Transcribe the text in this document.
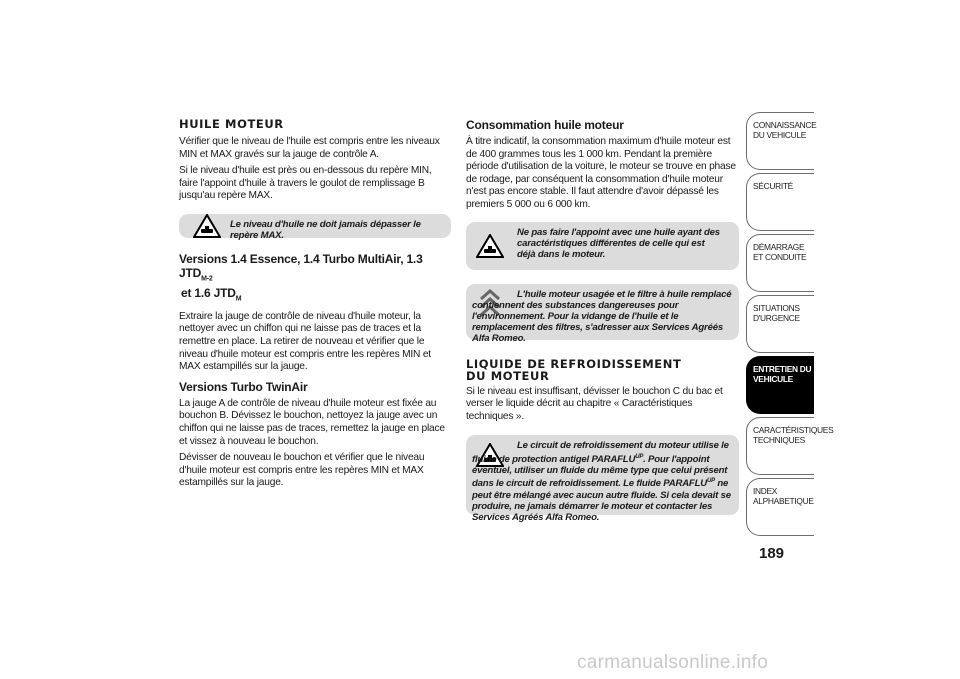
HUILE MOTEUR

Vérifier que le niveau de l'huile est compris entre les niveaux MIN et MAX gravés sur la jauge de contrôle A.

Si le niveau d'huile est près ou en-dessous du repère MIN, faire l'appoint d'huile à travers le goulot de remplissage B jusqu'au repère MAX.

Le niveau d'huile ne doit jamais dépasser le repère MAX.
Versions 1.4 Essence, 1.4 Turbo MultiAir, 1.3 $JTD_{M-2}$
et 1.6 $JTD_M$

Extraire la jauge de contrôle de niveau d'huile moteur, la nettoyer avec un chiffon qui ne laisse pas de traces et la remettre en place. La retirer de nouveau et vérifier que le niveau d'huile moteur est compris entre les repères MIN et MAX estampillés sur la jauge.

Versions Turbo TwinAir

La jauge A de contrôle de niveau d'huile moteur est fixée au bouchon B. Dévissez le bouchon, nettoyez la jauge avec un chiffon qui ne laisse pas de traces, remettez la jauge en place et vissez à nouveau le bouchon.

Dévisser de nouveau le bouchon et vérifier que le niveau d'huile moteur est compris entre les repères MIN et MAX estampillés sur la jauge.

Consommation huile moteur

À titre indicatif, la consommation maximum d'huile moteur est de 400 grammes tous les 1 000 km. Pendant la première période d'utilisation de la voiture, le moteur se trouve en phase de rodage, par conséquent la consommation d'huile moteur n'est pas encore stable. Il faut attendre d'avoir dépassé les premiers 5 000 ou 6 000 km.

Ne pas faire l'appoint avec une huile ayant des caractéristiques différentes de celle qui est déjà dans le moteur.
L'huile moteur usagée et le filtre à huile remplacé contiennent des substances dangereuses pour l'environnement. Pour la vidange de l'huile et le remplacement des filtres, s'adresser aux Services Agréés Alfa Romeo.
LIQUIDE DE REFROIDISSEMENT
DU MOTEUR

Si le niveau est insuffisant, dévisser le bouchon C du bac et verser le liquide décrit au chapitre « Caractéristiques techniques ».

Le circuit de refroidissement du moteur utilise le fluide de protection antigel $PARAFLU^{UP}$. Pour l'appoint éventuel, utiliser un fluide du même type que celui présent dans le circuit de refroidissement. Le fluide $PARAFLU^{UP}$ ne peut être mélangé avec aucun autre fluide. Si cela devait se produire, ne jamais démarrer le moteur et contacter les Services Agréés Alfa Romeo.
CONNAISSANCE DU VEHICULE
SÉCURITÉ
DÉMARRAGE ET CONDUITE
SITUATIONS D'URGENCE
ENTRETIEN DU VEHICULE
CARACTÉRISTIQUES TECHNIQUES
INDEX ALPHABETIQUE
189
carmanualsonline.info
